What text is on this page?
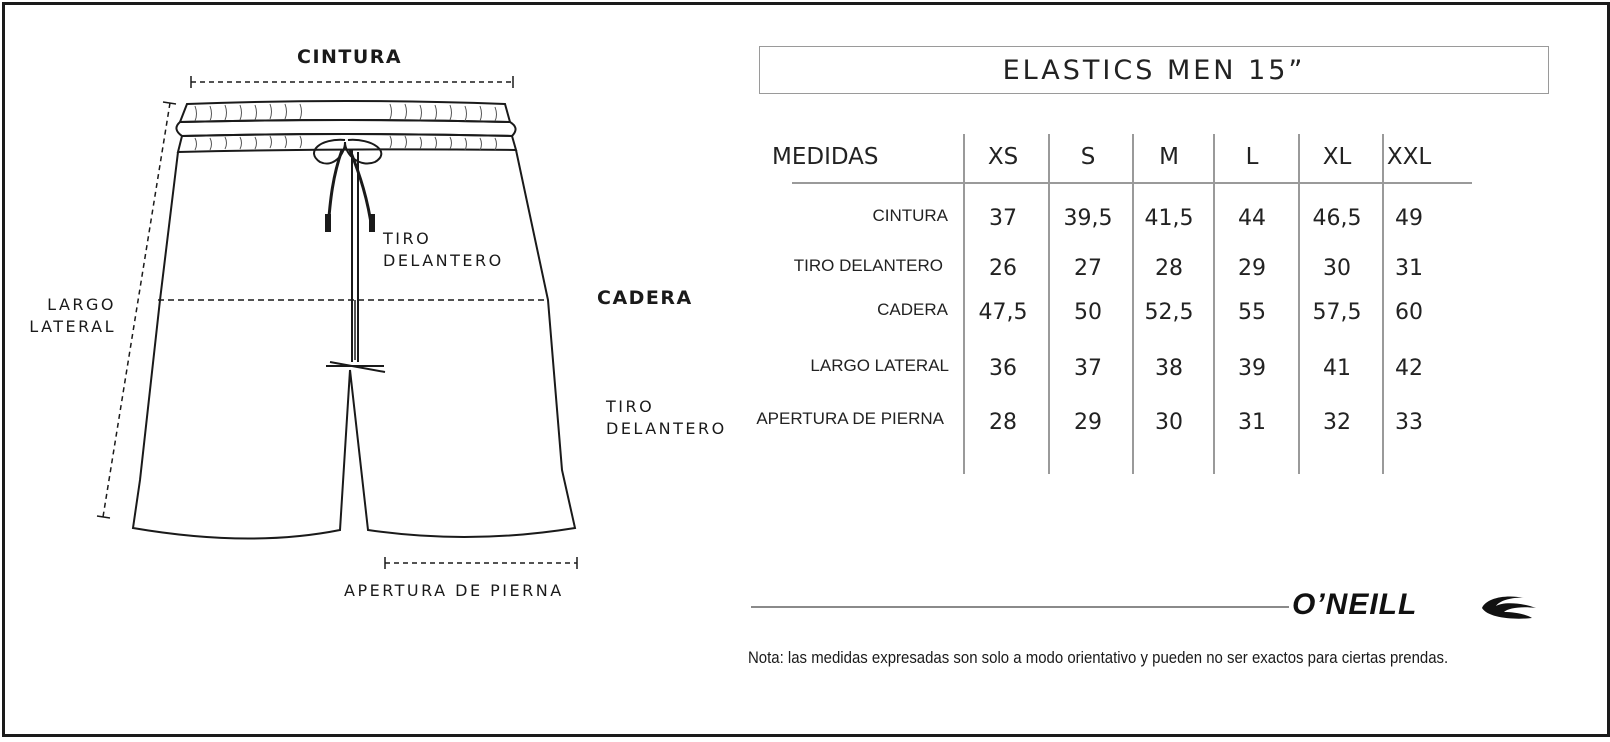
CINTURA
TIRO
DELANTERO
LARGO
LATERAL
CADERA
TIRO
DELANTERO
APERTURA DE PIERNA
ELASTICS MEN 15”
MEDIDAS	XS	S	M	L	XL	XXL
CINTURA	37	39,5	41,5	44	46,5	49
TIRO DELANTERO	26	27	28	29	30	31
CADERA	47,5	50	52,5	55	57,5	60
LARGO LATERAL	36	37	38	39	41	42
APERTURA DE PIERNA	28	29	30	31	32	33
O’NEILL
Nota: las medidas expresadas son solo a modo orientativo y pueden no ser exactos para ciertas prendas.
